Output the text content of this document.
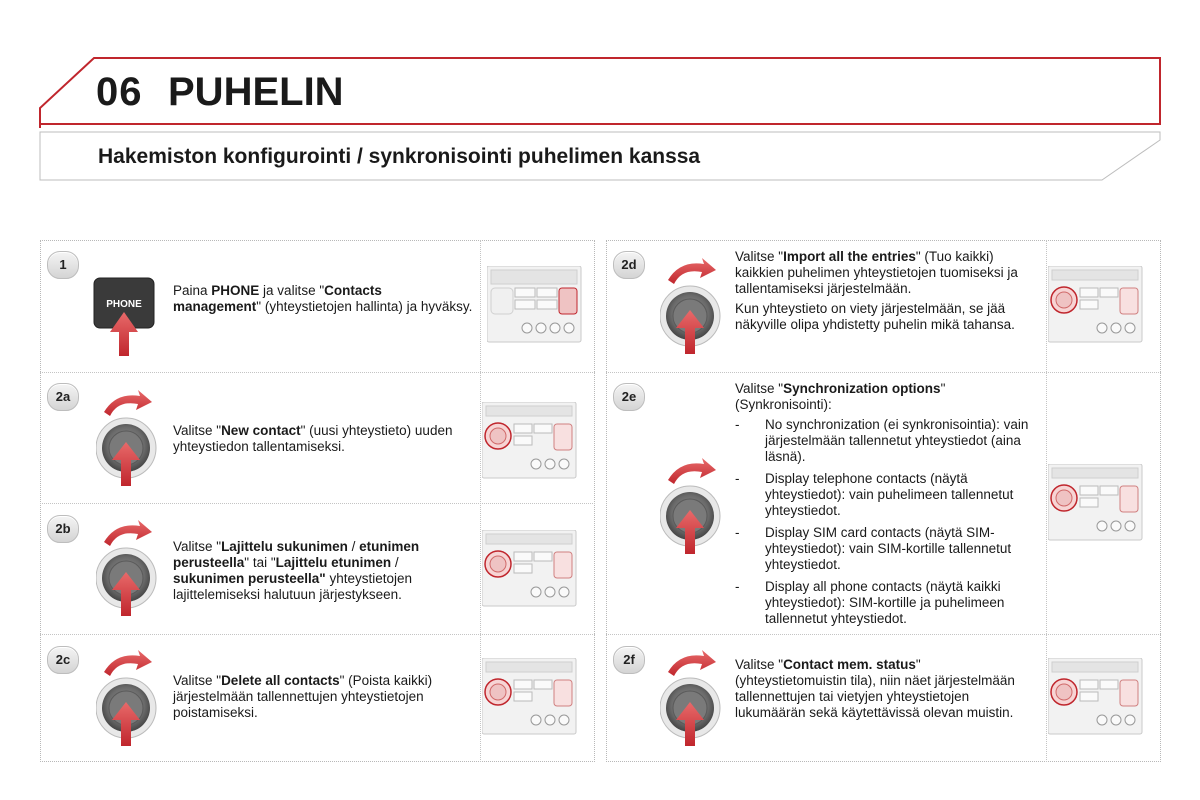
06 PUHELIN
Hakemiston konfigurointi / synkronisointi puhelimen kanssa
1
PHONE
Paina PHONE ja valitse "Contacts management" (yhteystietojen hallinta) ja hyväksy.
2a
Valitse "New contact" (uusi yhteystieto) uuden yhteystiedon tallentamiseksi.
2b
Valitse "Lajittelu sukunimen / etunimen perusteella" tai "Lajittelu etunimen / sukunimen perusteella" yhteystietojen lajittelemiseksi halutuun järjestykseen.
2c
Valitse "Delete all contacts" (Poista kaikki) järjestelmään tallennettujen yhteystietojen poistamiseksi.
2d
Valitse "Import all the entries" (Tuo kaikki) kaikkien puhelimen yhteystietojen tuomiseksi ja tallentamiseksi järjestelmään.
Kun yhteystieto on viety järjestelmään, se jää näkyville olipa yhdistetty puhelin mikä tahansa.
2e
Valitse "Synchronization options" (Synkronisointi):
- No synchronization (ei synkronisointia): vain järjestelmään tallennetut yhteystiedot (aina läsnä).
- Display telephone contacts (näytä yhteystiedot): vain puhelimeen tallennetut yhteystiedot.
- Display SIM card contacts (näytä SIM-yhteystiedot): vain SIM-kortille tallennetut yhteystiedot.
- Display all phone contacts (näytä kaikki yhteystiedot): SIM-kortille ja puhelimeen tallennetut yhteystiedot.
2f	Valitse "Contact mem. status" (yhteystietomuistin tila), niin näet järjestelmään tallennettujen tai vietyjen yhteystietojen lukumäärän sekä käytettävissä olevan muistin.
